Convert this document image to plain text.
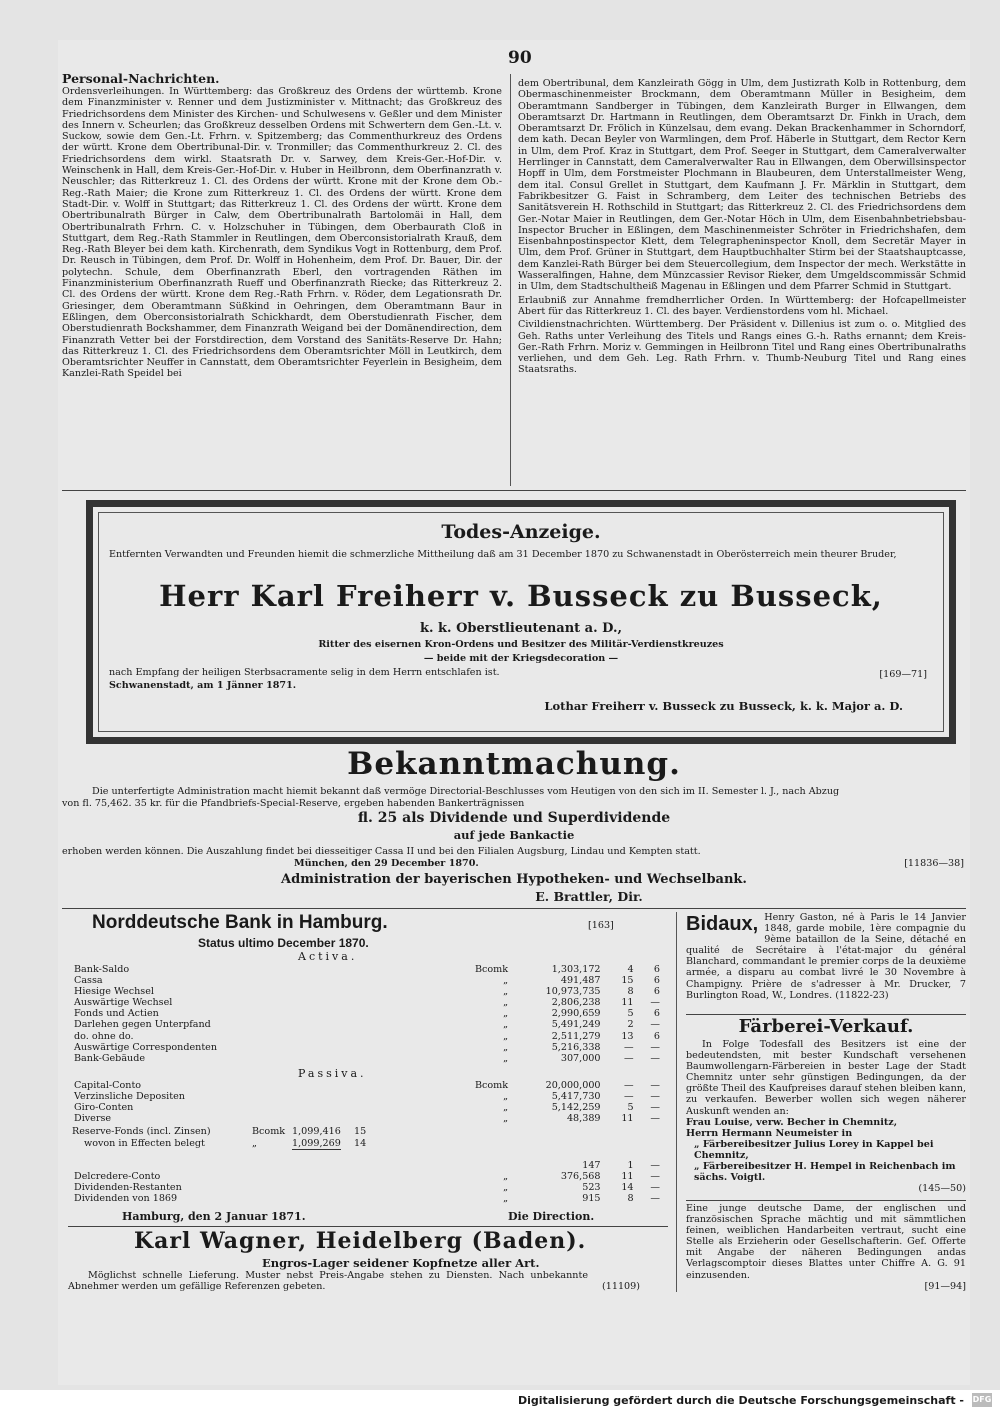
90
Personal-Nachrichten.

Ordensverleihungen. In Württemberg: das Großkreuz des Ordens der württemb. Krone dem Finanzminister v. Renner und dem Justizminister v. Mittnacht; das Großkreuz des Friedrichsordens dem Minister des Kirchen- und Schulwesens v. Geßler und dem Minister des Innern v. Scheurlen; das Großkreuz desselben Ordens mit Schwertern dem Gen.-Lt. v. Suckow, sowie dem Gen.-Lt. Frhrn. v. Spitzemberg; das Commenthurkreuz des Ordens der württ. Krone dem Obertribunal-Dir. v. Tronmiller; das Commenthurkreuz 2. Cl. des Friedrichsordens dem wirkl. Staatsrath Dr. v. Sarwey, dem Kreis-Ger.-Hof-Dir. v. Weinschenk in Hall, dem Kreis-Ger.-Hof-Dir. v. Huber in Heilbronn, dem Oberfinanzrath v. Neuschler; das Ritterkreuz 1. Cl. des Ordens der württ. Krone mit der Krone dem Ob.-Reg.-Rath Maier; die Krone zum Ritterkreuz 1. Cl. des Ordens der württ. Krone dem Stadt-Dir. v. Wolff in Stuttgart; das Ritterkreuz 1. Cl. des Ordens der württ. Krone dem Obertribunalrath Bürger in Calw, dem Obertribunalrath Bartolomäi in Hall, dem Obertribunalrath Frhrn. C. v. Holzschuher in Tübingen, dem Oberbaurath Cloß in Stuttgart, dem Reg.-Rath Stammler in Reutlingen, dem Oberconsistorialrath Krauß, dem Reg.-Rath Bleyer bei dem kath. Kirchenrath, dem Syndikus Vogt in Rottenburg, dem Prof. Dr. Reusch in Tübingen, dem Prof. Dr. Wolff in Hohenheim, dem Prof. Dr. Bauer, Dir. der polytechn. Schule, dem Oberfinanzrath Eberl, den vortragenden Räthen im Finanzministerium Oberfinanzrath Rueff und Oberfinanzrath Riecke; das Ritterkreuz 2. Cl. des Ordens der württ. Krone dem Reg.-Rath Frhrn. v. Röder, dem Legationsrath Dr. Griesinger, dem Oberamtmann Süßkind in Oehringen, dem Oberamtmann Baur in Eßlingen, dem Oberconsistorialrath Schickhardt, dem Oberstudienrath Fischer, dem Oberstudienrath Bockshammer, dem Finanzrath Weigand bei der Domänendirection, dem Finanzrath Vetter bei der Forstdirection, dem Vorstand des Sanitäts-Reserve Dr. Hahn; das Ritterkreuz 1. Cl. des Friedrichsordens dem Oberamtsrichter Möll in Leutkirch, dem Oberamtsrichter Neuffer in Cannstatt, dem Oberamtsrichter Feyerlein in Besigheim, dem Kanzlei-Rath Speidel bei

dem Obertribunal, dem Kanzleirath Gögg in Ulm, dem Justizrath Kolb in Rottenburg, dem Obermaschinenmeister Brockmann, dem Oberamtmann Müller in Besigheim, dem Oberamtmann Sandberger in Tübingen, dem Kanzleirath Burger in Ellwangen, dem Oberamtsarzt Dr. Hartmann in Reutlingen, dem Oberamtsarzt Dr. Finkh in Urach, dem Oberamtsarzt Dr. Frölich in Künzelsau, dem evang. Dekan Brackenhammer in Schorndorf, dem kath. Decan Beyler von Warmlingen, dem Prof. Häberle in Stuttgart, dem Rector Kern in Ulm, dem Prof. Kraz in Stuttgart, dem Prof. Seeger in Stuttgart, dem Cameralverwalter Herrlinger in Cannstatt, dem Cameralverwalter Rau in Ellwangen, dem Oberwillsinspector Hopff in Ulm, dem Forstmeister Plochmann in Blaubeuren, dem Unterstallmeister Weng, dem ital. Consul Grellet in Stuttgart, dem Kaufmann J. Fr. Märklin in Stuttgart, dem Fabrikbesitzer G. Faist in Schramberg, dem Leiter des technischen Betriebs des Sanitätsverein H. Rothschild in Stuttgart; das Ritterkreuz 2. Cl. des Friedrichsordens dem Ger.-Notar Maier in Reutlingen, dem Ger.-Notar Höch in Ulm, dem Eisenbahnbetriebsbau-Inspector Brucher in Eßlingen, dem Maschinenmeister Schröter in Friedrichshafen, dem Eisenbahnpostinspector Klett, dem Telegrapheninspector Knoll, dem Secretär Mayer in Ulm, dem Prof. Grüner in Stuttgart, dem Hauptbuchhalter Stirm bei der Staatshauptcasse, dem Kanzlei-Rath Bürger bei dem Steuercollegium, dem Inspector der mech. Werkstätte in Wasseralfingen, Hahne, dem Münzcassier Revisor Rieker, dem Umgeldscommissär Schmid in Ulm, dem Stadtschultheiß Magenau in Eßlingen und dem Pfarrer Schmid in Stuttgart.

Erlaubniß zur Annahme fremdherrlicher Orden. In Württemberg: der Hofcapellmeister Abert für das Ritterkreuz 1. Cl. des bayer. Verdienstordens vom hl. Michael.

Civildienstnachrichten. Württemberg. Der Präsident v. Dillenius ist zum o. o. Mitglied des Geh. Raths unter Verleihung des Titels und Rangs eines G.-h. Raths ernannt; dem Kreis-Ger.-Rath Frhrn. Moriz v. Gemmingen in Heilbronn Titel und Rang eines Obertribunalraths verliehen, und dem Geh. Leg. Rath Frhrn. v. Thumb-Neuburg Titel und Rang eines Staatsraths.

Todes-Anzeige.
Entfernten Verwandten und Freunden hiemit die schmerzliche Mittheilung daß am 31 December 1870 zu Schwanenstadt in Oberösterreich mein theurer Bruder,
Herr Karl Freiherr v. Busseck zu Busseck,
k. k. Oberstlieutenant a. D.,
Ritter des eisernen Kron-Ordens und Besitzer des Militär-Verdienstkreuzes
— beide mit der Kriegsdecoration —
nach Empfang der heiligen Sterbsacramente selig in dem Herrn entschlafen ist.	[169—71]
Schwanenstadt, am 1 Jänner 1871.
Lothar Freiherr v. Busseck zu Busseck, k. k. Major a. D.
Bekanntmachung.
Die unterfertigte Administration macht hiemit bekannt daß vermöge Directorial-Beschlusses vom Heutigen von den sich im II. Semester l. J., nach Abzug
von fl. 75,462. 35 kr. für die Pfandbriefs-Special-Reserve, ergeben habenden Bankerträgnissen
fl. 25 als Dividende und Superdividende
auf jede Bankactie
erhoben werden können. Die Auszahlung findet bei diesseitiger Cassa II und bei den Filialen Augsburg, Lindau und Kempten statt.
München, den 29 December 1870.	[11836—38]
Administration der bayerischen Hypotheken- und Wechselbank.
E. Brattler, Dir.
Norddeutsche Bank in Hamburg.	[163]
Status ultimo December 1870.
Activa.
Bank-Saldo	Bcomk	1,303,172	4	6
Cassa	„	491,487	15	6
Hiesige Wechsel	„	10,973,735	8	6
Auswärtige Wechsel	„	2,806,238	11	—
Fonds und Actien	„	2,990,659	5	6
Darlehen gegen Unterpfand	„	5,491,249	2	—
do. ohne do.	„	2,511,279	13	6
Auswärtige Correspondenten	„	5,216,338	—	—
Bank-Gebäude	„	307,000	—	—
Passiva.
Capital-Conto	Bcomk	20,000,000	—	—
Verzinsliche Depositen	„	5,417,730	—	—
Giro-Conten	„	5,142,259	5	—
Diverse	„	48,389	11	—
Reserve-Fonds (incl. Zinsen)	Bcomk 1,099,416 15
wovon in Effecten belegt	„	1,099,269 14
		147	1	—
Delcredere-Conto	„	376,568	11	—
Dividenden-Restanten	„	523	14	—
Dividenden von 1869	„	915	8	—
Hamburg, den 2 Januar 1871.	Die Direction.
Karl Wagner, Heidelberg (Baden).
Engros-Lager seidener Kopfnetze aller Art.
Möglichst schnelle Lieferung. Muster nebst Preis-Angabe stehen zu Diensten. Nach unbekannte Abnehmer werden um gefällige Referenzen gebeten.	(11109)
Bidaux, Henry Gaston, né à Paris le 14 Janvier 1848, garde mobile, 1ère compagnie du 9ème bataillon de la Seine, détaché en qualité de Secrétaire à l'état-major du général Blanchard, commandant le premier corps de la deuxième armée, a disparu au combat livré le 30 Novembre à Champigny. Prière de s'adresser à Mr. Drucker, 7 Burlington Road, W., Londres. (11822-23)
Färberei-Verkauf.
In Folge Todesfall des Besitzers ist eine der bedeutendsten, mit bester Kundschaft versehenen Baumwollengarn-Färbereien in bester Lage der Stadt Chemnitz unter sehr günstigen Bedingungen, da der größte Theil des Kaufpreises darauf stehen bleiben kann, zu verkaufen. Bewerber wollen sich wegen näherer Auskunft wenden an:
Frau Louise, verw. Becher in Chemnitz,
Herrn Hermann Neumeister in
„ Färbereibesitzer Julius Lorey in Kappel bei Chemnitz,
„ Färbereibesitzer H. Hempel in Reichenbach im sächs. Voigtl.
(145—50)
Eine junge deutsche Dame, der englischen und französischen Sprache mächtig und mit sämmtlichen feinen, weiblichen Handarbeiten vertraut, sucht eine Stelle als Erzieherin oder Gesellschafterin. Gef. Offerte mit Angabe der näheren Bedingungen andas Verlagscomptoir dieses Blattes unter Chiffre A. G. 91 einzusenden.
[91—94]
Digitalisierung gefördert durch die Deutsche Forschungsgemeinschaft - DFG
